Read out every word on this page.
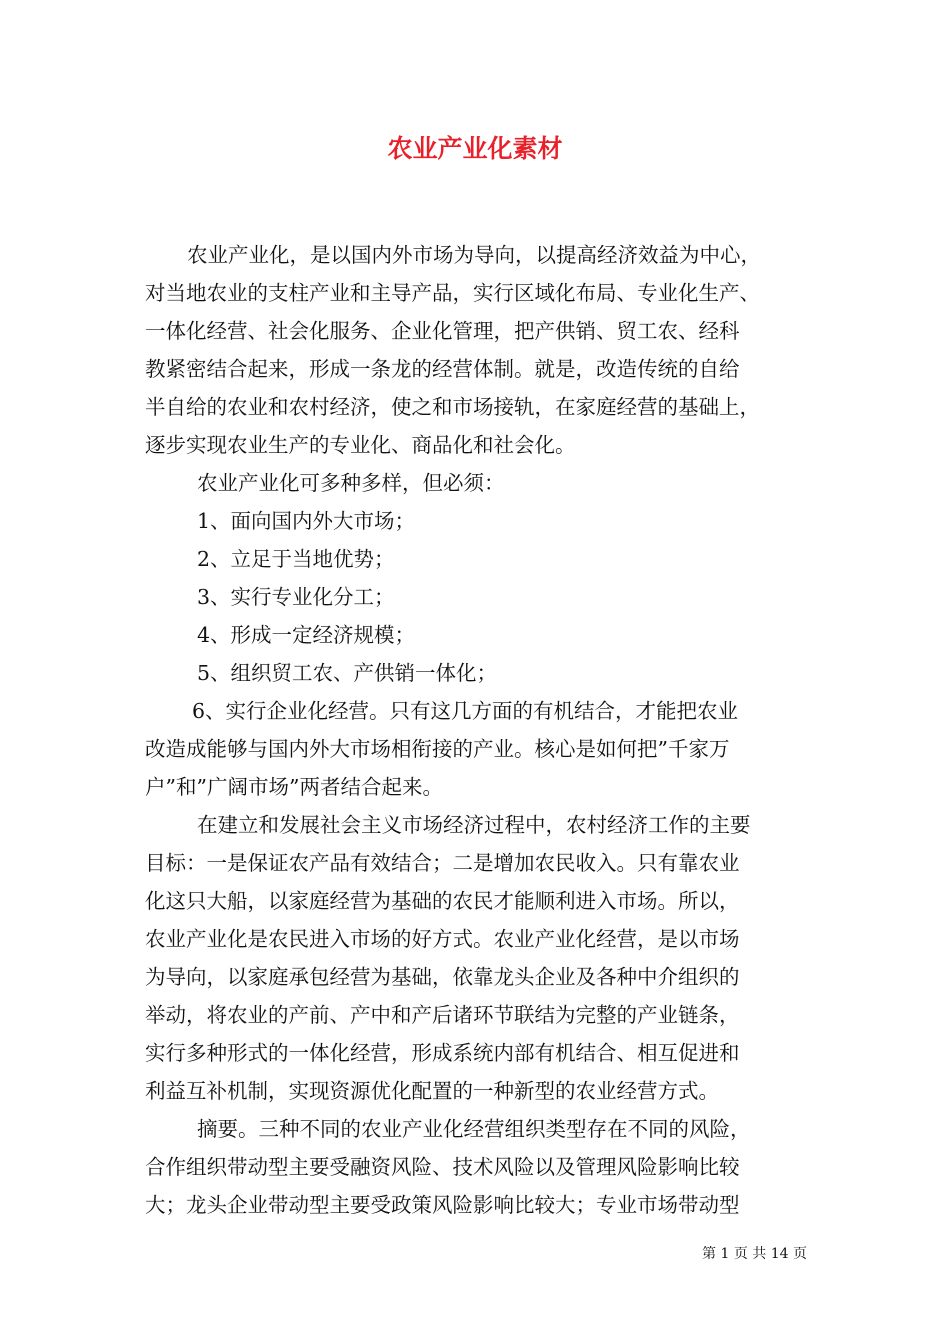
农业产业化素材

农业产业化，是以国内外市场为导向，以提高经济效益为中心，

对当地农业的支柱产业和主导产品，实行区域化布局、专业化生产、

一体化经营、社会化服务、企业化管理，把产供销、贸工农、经科

教紧密结合起来，形成一条龙的经营体制。就是，改造传统的自给

半自给的农业和农村经济，使之和市场接轨，在家庭经营的基础上，

逐步实现农业生产的专业化、商品化和社会化。

农业产业化可多种多样，但必须：

1、面向国内外大市场；

2、立足于当地优势；

3、实行专业化分工；

4、形成一定经济规模；

5、组织贸工农、产供销一体化；

6、实行企业化经营。只有这几方面的有机结合，才能把农业

改造成能够与国内外大市场相衔接的产业。核心是如何把”千家万

户”和”广阔市场”两者结合起来。

在建立和发展社会主义市场经济过程中，农村经济工作的主要

目标：一是保证农产品有效结合；二是增加农民收入。只有靠农业

化这只大船，以家庭经营为基础的农民才能顺利进入市场。所以，

农业产业化是农民进入市场的好方式。农业产业化经营，是以市场

为导向，以家庭承包经营为基础，依靠龙头企业及各种中介组织的

举动，将农业的产前、产中和产后诸环节联结为完整的产业链条，

实行多种形式的一体化经营，形成系统内部有机结合、相互促进和

利益互补机制，实现资源优化配置的一种新型的农业经营方式。

摘要。三种不同的农业产业化经营组织类型存在不同的风险，

合作组织带动型主要受融资风险、技术风险以及管理风险影响比较

大；龙头企业带动型主要受政策风险影响比较大；专业市场带动型

第 1 页 共 14 页
